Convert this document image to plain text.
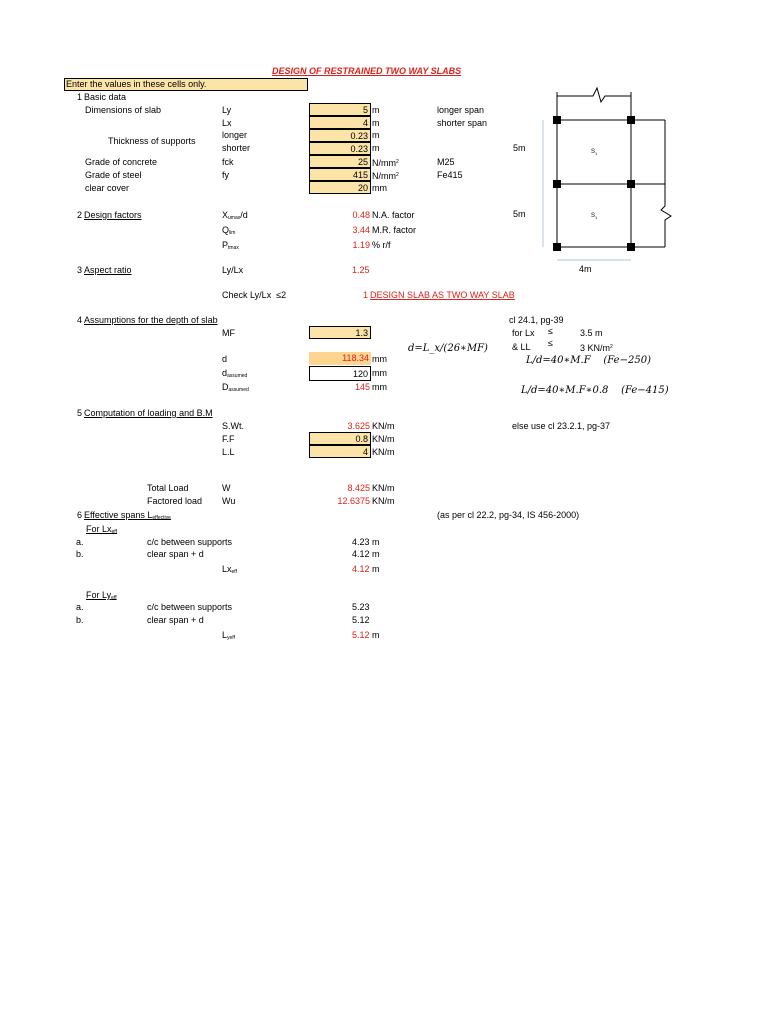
DESIGN OF RESTRAINED TWO WAY SLABS
Enter the values in these cells only.
1 Basic data
Dimensions of slab	Ly	5 m	longer span
Lx	4 m	shorter span
Thickness of supports
longer	0.23 m
shorter	0.23 m
Grade of concrete	fck	25 $N/mm^2$	M25
Grade of steel	fy	415 $N/mm^2$	Fe415
clear cover	20 mm
2 Design factors	$X_{umax}/d$	0.48 N.A. factor
$Q_{lim}$	3.44 M.R. factor
$P_{tmax}$	1.19 % r/f
3 Aspect ratio	Ly/Lx	1.25
Check Ly/Lx ≤2	1 DESIGN SLAB AS TWO WAY SLAB
4 Assumptions for the depth of slab	cl 24.1, pg-39
MF	1.3	for Lx ≤	3.5 m
d=L_x/(26∗MF)	& LL ≤	3 $KN/m^2$
d	118.34 mm	L/d=40∗M.F (Fe−250)
$d_{assumed}$	120 mm
$D_{assumed}$	145 mm	L/d=40∗M.F∗0.8 (Fe−415)
5 Computation of loading and B.M
S.Wt.	3.625 KN/m	else use cl 23.2.1, pg-37
F.F	0.8 KN/m
L.L	4 KN/m
Total Load	W	8.425 KN/m
Factored load Wu	12.6375 KN/m
6 Effective spans $L_{effective}$	(as per cl 22.2, pg-34, IS 456-2000)
For $Lx_{eff}$
a.	c/c between supports	4.23 m
b.	clear span + d	4.12 m
$Lx_{eff}$	4.12 m
For $Ly_{eff}$
a.	c/c between supports	5.23
b.	clear span + d	5.12
$L_{yeff}$	5.12 m
5m
5m
4m
$S_1$
$S_1$
